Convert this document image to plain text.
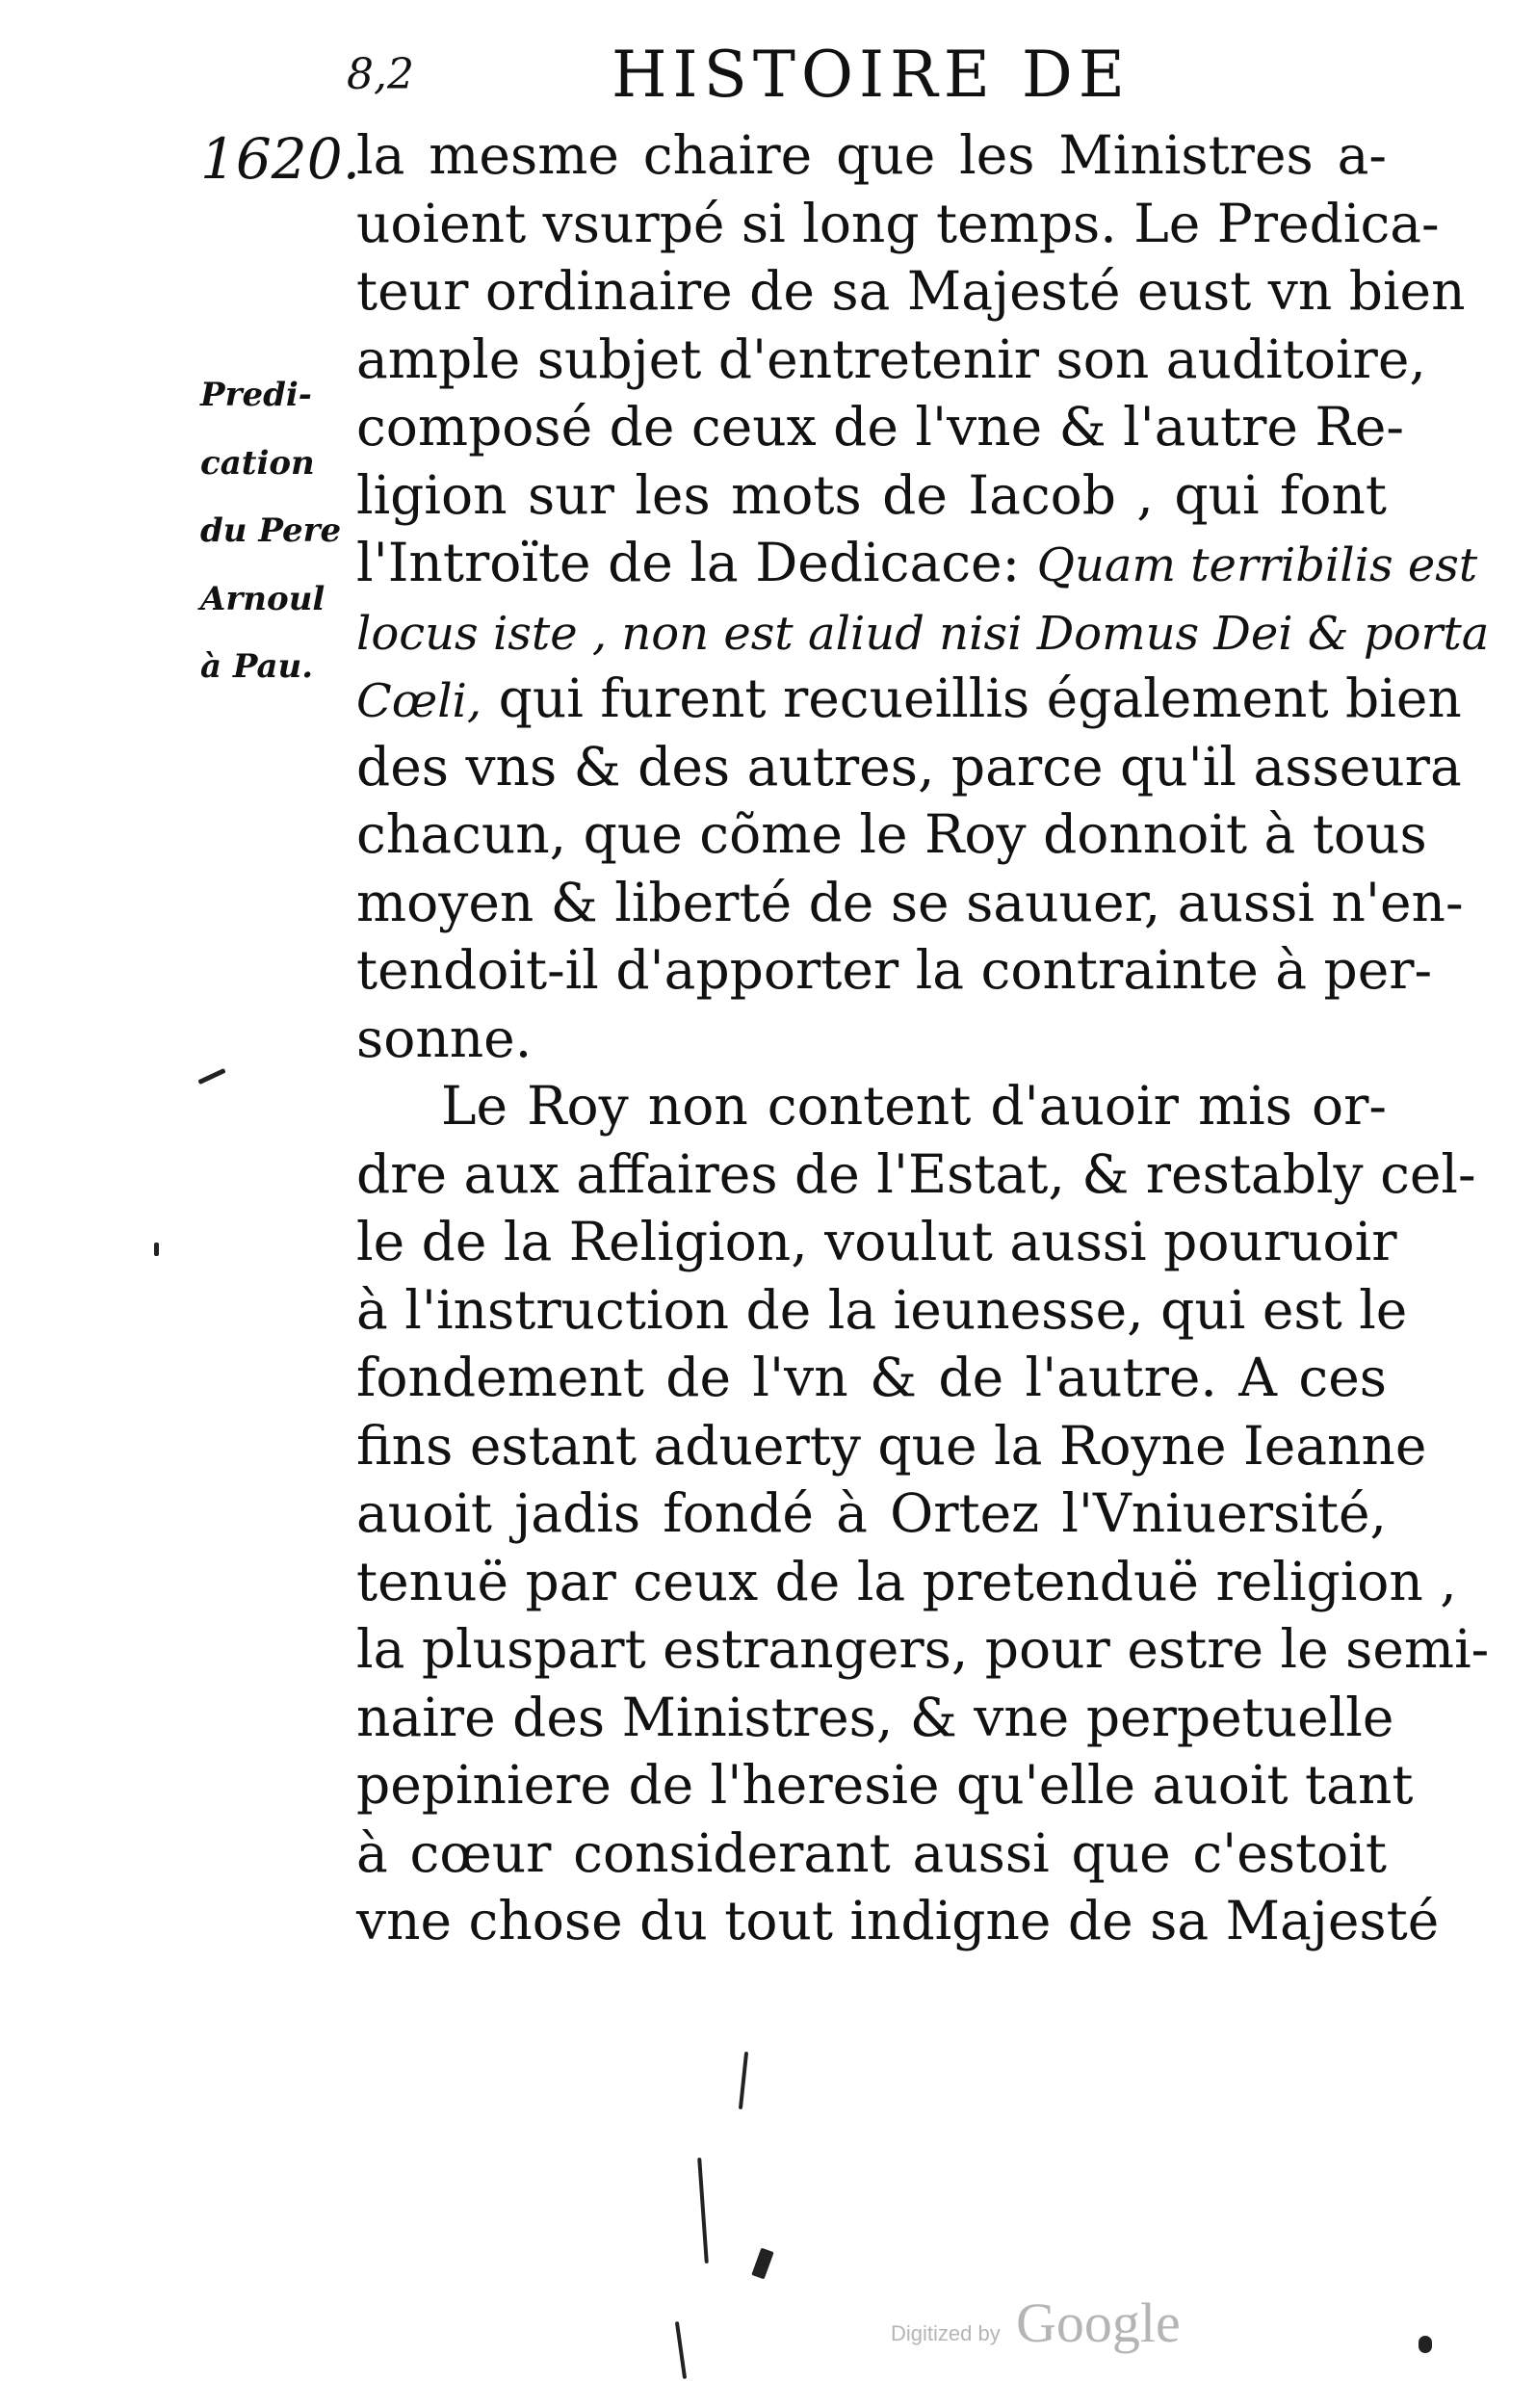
8,2	HISTOIRE DE
1620.
Predi-
cation
du Pere
Arnoul
à Pau.
la mesme chaire que les Ministres a-
uoient vsurpé si long temps. Le Predica-
teur ordinaire de sa Majesté eust vn bien
ample subjet d'entretenir son auditoire,
composé de ceux de l'vne & l'autre Re-
ligion sur les mots de Iacob , qui font
l'Introïte de la Dedicace: Quam terribilis est
locus iste , non est aliud nisi Domus Dei & porta
Cœli, qui furent recueillis également bien
des vns & des autres, parce qu'il asseura
chacun, que cõme le Roy donnoit à tous
moyen & liberté de se sauuer, aussi n'en-
tendoit-il d'apporter la contrainte à per-
sonne.
Le Roy non content d'auoir mis or-
dre aux affaires de l'Estat, & restably cel-
le de la Religion, voulut aussi pouruoir
à l'instruction de la ieunesse, qui est le
fondement de l'vn & de l'autre. A ces
fins estant aduerty que la Royne Ieanne
auoit jadis fondé à Ortez l'Vniuersité,
tenuë par ceux de la pretenduë religion ,
la pluspart estrangers, pour estre le semi-
naire des Ministres, & vne perpetuelle
pepiniere de l'heresie qu'elle auoit tant
à cœur considerant aussi que c'estoit
vne chose du tout indigne de sa Majesté
Digitized by Google
